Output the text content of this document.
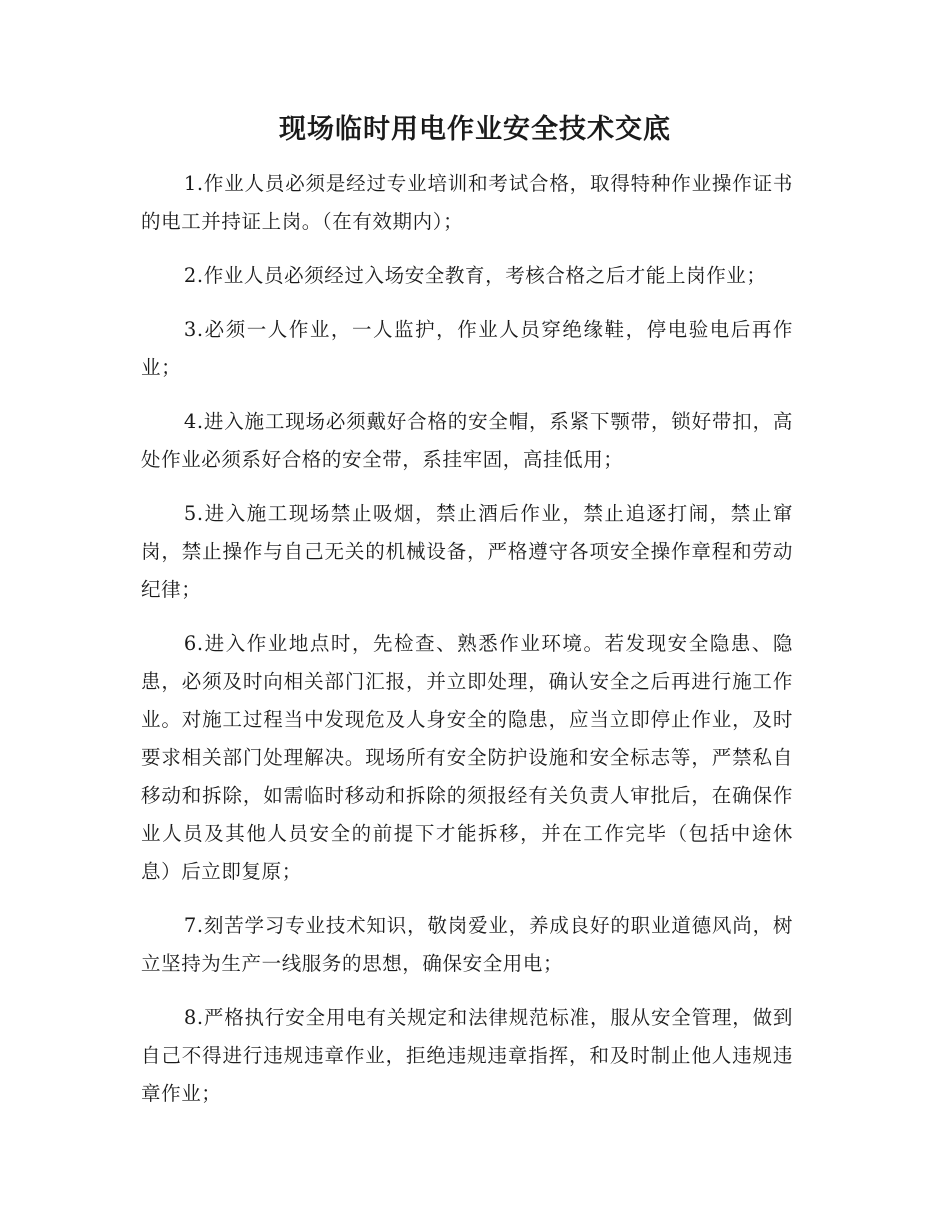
现场临时用电作业安全技术交底

1.作业人员必须是经过专业培训和考试合格，取得特种作业操作证书的电工并持证上岗。（在有效期内）；

2.作业人员必须经过入场安全教育，考核合格之后才能上岗作业；

3.必须一人作业，一人监护，作业人员穿绝缘鞋，停电验电后再作业；

4.进入施工现场必须戴好合格的安全帽，系紧下颚带，锁好带扣，高处作业必须系好合格的安全带，系挂牢固，高挂低用；

5.进入施工现场禁止吸烟，禁止酒后作业，禁止追逐打闹，禁止窜岗，禁止操作与自己无关的机械设备，严格遵守各项安全操作章程和劳动纪律；

6.进入作业地点时，先检查、熟悉作业环境。若发现安全隐患、隐患，必须及时向相关部门汇报，并立即处理，确认安全之后再进行施工作业。对施工过程当中发现危及人身安全的隐患，应当立即停止作业，及时要求相关部门处理解决。现场所有安全防护设施和安全标志等，严禁私自移动和拆除，如需临时移动和拆除的须报经有关负责人审批后，在确保作业人员及其他人员安全的前提下才能拆移，并在工作完毕（包括中途休息）后立即复原；

7.刻苦学习专业技术知识，敬岗爱业，养成良好的职业道德风尚，树立坚持为生产一线服务的思想，确保安全用电；

8.严格执行安全用电有关规定和法律规范标准，服从安全管理，做到自己不得进行违规违章作业，拒绝违规违章指挥，和及时制止他人违规违章作业；
